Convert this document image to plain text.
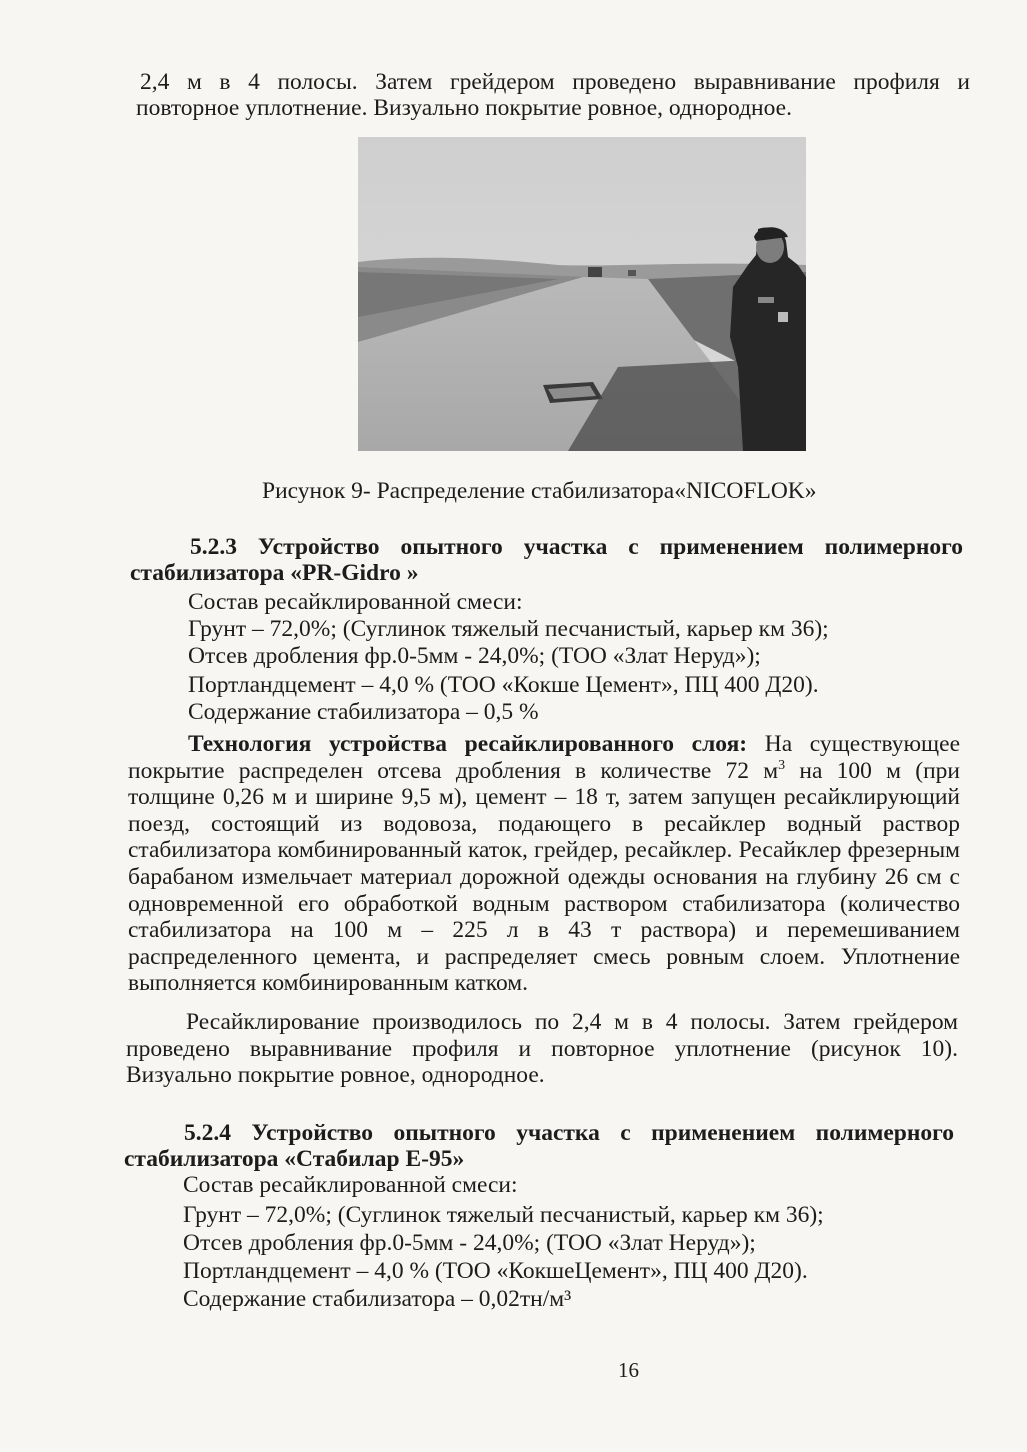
2,4 м в 4 полосы. Затем грейдером проведено выравнивание профиля и
повторное уплотнение. Визуально покрытие ровное, однородное.
Рисунок 9- Распределение стабилизатора«NICOFLOK»
5.2.3 Устройство опытного участка с применением полимерного
стабилизатора «PR-Gidro »
Состав ресайклированной смеси:
Грунт – 72,0%; (Суглинок тяжелый песчанистый, карьер км 36);
Отсев дробления фр.0-5мм - 24,0%; (ТОО «Злат Неруд»);
Портландцемент – 4,0 % (ТОО «Кокше Цемент», ПЦ 400 Д20).
Содержание стабилизатора – 0,5 %

Технология устройства ресайклированного слоя: На существующее покрытие распределен отсева дробления в количестве 72 $м^3$ на 100 м (при толщине 0,26 м и ширине 9,5 м), цемент – 18 т, затем запущен ресайклирующий поезд, состоящий из водовоза, подающего в ресайклер водный раствор стабилизатора комбинированный каток, грейдер, ресайклер. Ресайклер фрезерным барабаном измельчает материал дорожной одежды основания на глубину 26 см с одновременной его обработкой водным раствором стабилизатора (количество стабилизатора на 100 м – 225 л в 43 т раствора) и перемешиванием распределенного цемента, и распределяет смесь ровным слоем. Уплотнение выполняется комбинированным катком.

Ресайклирование производилось по 2,4 м в 4 полосы. Затем грейдером проведено выравнивание профиля и повторное уплотнение (рисунок 10). Визуально покрытие ровное, однородное.

5.2.4 Устройство опытного участка с применением полимерного
стабилизатора «Стабилар Е-95»
Состав ресайклированной смеси:
Грунт – 72,0%; (Суглинок тяжелый песчанистый, карьер км 36);
Отсев дробления фр.0-5мм - 24,0%; (ТОО «Злат Неруд»);
Портландцемент – 4,0 % (ТОО «КокшеЦемент», ПЦ 400 Д20).
Содержание стабилизатора – 0,02тн/м³
16
